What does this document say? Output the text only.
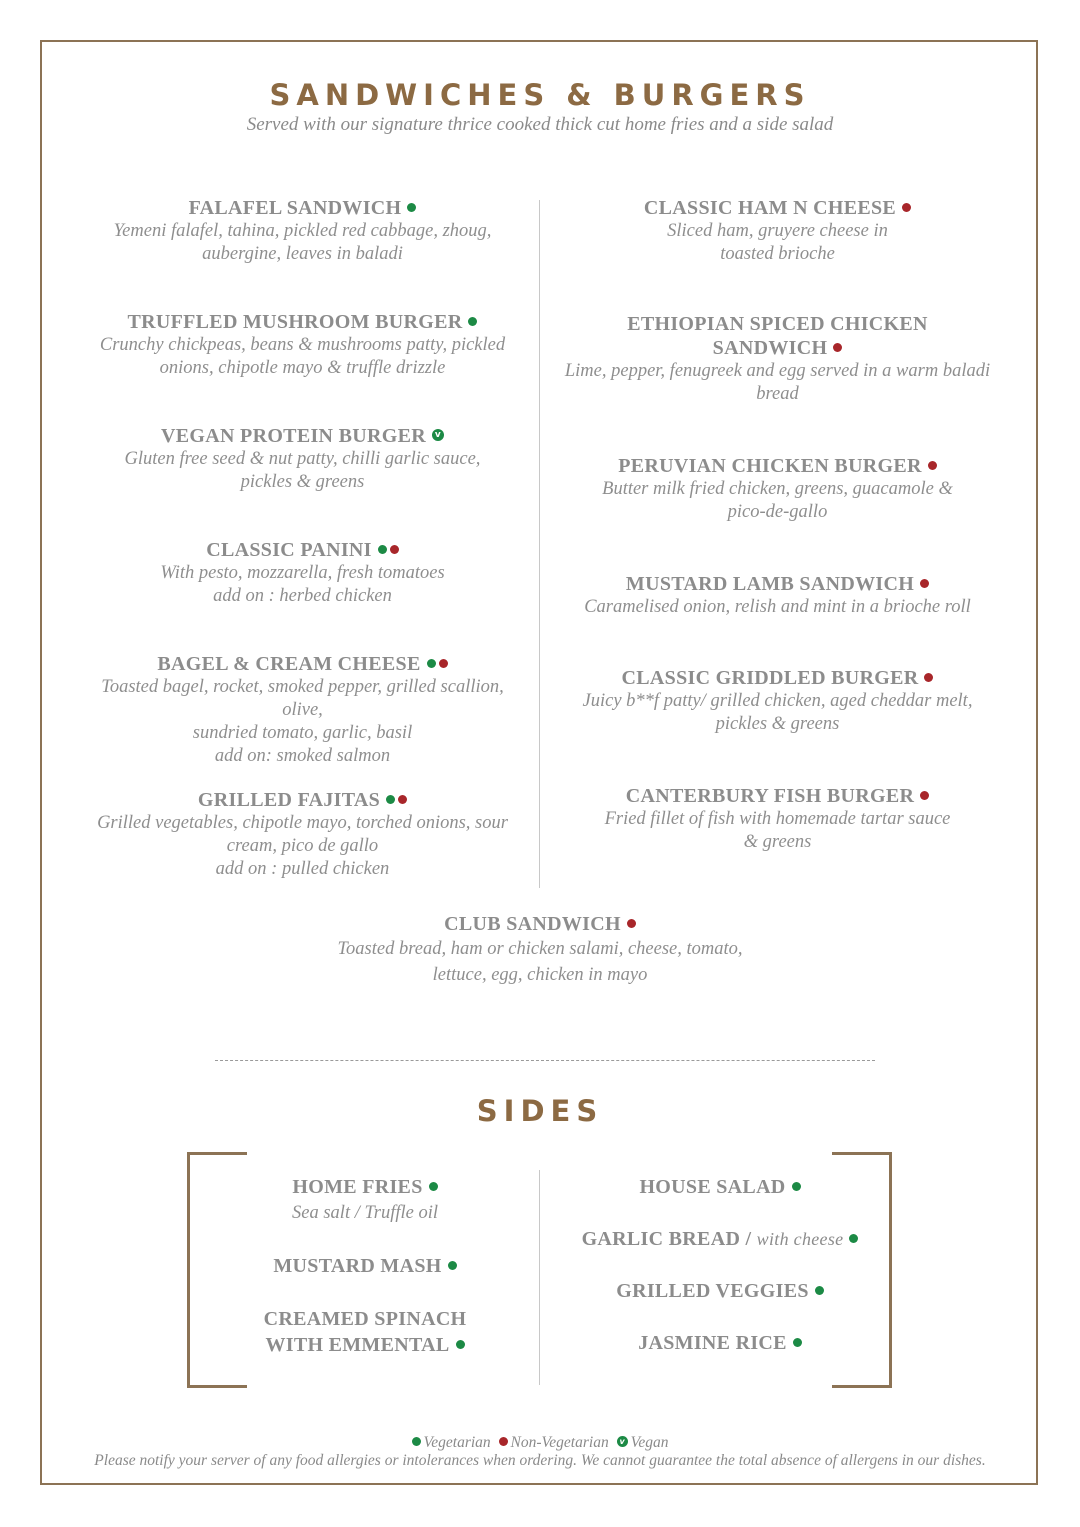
SANDWICHES & BURGERS
Served with our signature thrice cooked thick cut home fries and a side salad
FALAFEL SANDWICH
Yemeni falafel, tahina, pickled red cabbage, zhoug,
aubergine, leaves in baladi
TRUFFLED MUSHROOM BURGER
Crunchy chickpeas, beans & mushrooms patty, pickled
onions, chipotle mayo & truffle drizzle
VEGAN PROTEIN BURGER v
Gluten free seed & nut patty, chilli garlic sauce,
pickles & greens
CLASSIC PANINI
With pesto, mozzarella, fresh tomatoes
add on : herbed chicken
BAGEL & CREAM CHEESE
Toasted bagel, rocket, smoked pepper, grilled scallion, olive,
sundried tomato, garlic, basil
add on: smoked salmon
GRILLED FAJITAS
Grilled vegetables, chipotle mayo, torched onions, sour
cream, pico de gallo
add on : pulled chicken
CLASSIC HAM N CHEESE
Sliced ham, gruyere cheese in
toasted brioche
ETHIOPIAN SPICED CHICKEN
SANDWICH
Lime, pepper, fenugreek and egg served in a warm baladi
bread
PERUVIAN CHICKEN BURGER
Butter milk fried chicken, greens, guacamole &
pico-de-gallo
MUSTARD LAMB SANDWICH
Caramelised onion, relish and mint in a brioche roll
CLASSIC GRIDDLED BURGER
Juicy b**f patty/ grilled chicken, aged cheddar melt,
pickles & greens
CANTERBURY FISH BURGER
Fried fillet of fish with homemade tartar sauce
& greens
CLUB SANDWICH
Toasted bread, ham or chicken salami, cheese, tomato,
lettuce, egg, chicken in mayo
SIDES
HOME FRIES
Sea salt / Truffle oil
MUSTARD MASH
CREAMED SPINACH
WITH EMMENTAL
HOUSE SALAD
GARLIC BREAD / with cheese
GRILLED VEGGIES
JASMINE RICE
Vegetarian Non-Vegetarian v Vegan
Please notify your server of any food allergies or intolerances when ordering. We cannot guarantee the total absence of allergens in our dishes.
